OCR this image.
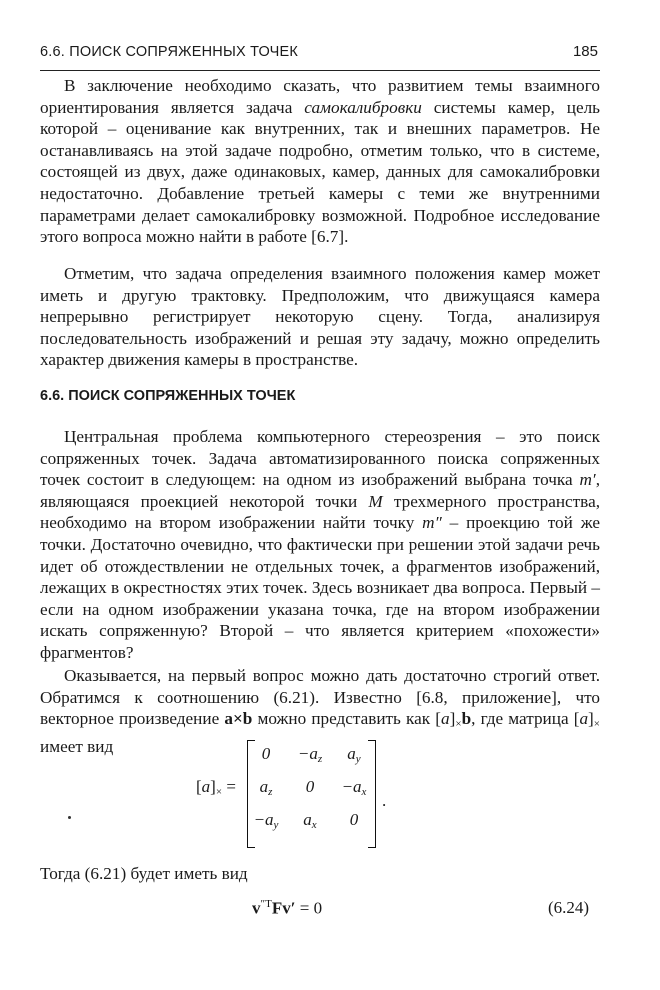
6.6. ПОИСК СОПРЯЖЕННЫХ ТОЧЕК	185

В заключение необходимо сказать, что развитием темы взаимного ориентирования является задача самокалибровки системы камер, цель которой – оценивание как внутренних, так и внешних параметров. Не останавливаясь на этой задаче подробно, отметим только, что в системе, состоящей из двух, даже одинаковых, камер, данных для самокалибровки недостаточно. Добавление третьей камеры с теми же внутренними параметрами делает самокалибровку возможной. Подробное исследование этого вопроса можно найти в работе [6.7].

Отметим, что задача определения взаимного положения камер может иметь и другую трактовку. Предположим, что движущаяся камера непрерывно регистрирует некоторую сцену. Тогда, анализируя последовательность изображений и решая эту задачу, можно определить характер движения камеры в пространстве.

6.6. ПОИСК СОПРЯЖЕННЫХ ТОЧЕК

Центральная проблема компьютерного стереозрения – это поиск сопряженных точек. Задача автоматизированного поиска сопряженных точек состоит в следующем: на одном из изображений выбрана точка m′, являющаяся проекцией некоторой точки M трехмерного пространства, необходимо на втором изображении найти точку m″ – проекцию той же точки. Достаточно очевидно, что фактически при решении этой задачи речь идет об отождествлении не отдельных точек, а фрагментов изображений, лежащих в окрестностях этих точек. Здесь возникает два вопроса. Первый – если на одном изображении указана точка, где на втором изображении искать сопряженную? Второй – что является критерием «похожести» фрагментов?

Оказывается, на первый вопрос можно дать достаточно строгий ответ. Обратимся к соотношению (6.21). Известно [6.8, приложение], что векторное произведение a×b можно представить как $[a]_\times b$, где матрица $[a]_\times$ имеет вид

$[a]_\times$ =
0	$-a_z$	$a_y$
$a_z$	0	$-a_x$
$-a_y$	$a_x$	0
.

Тогда (6.21) будет иметь вид

$v^{''T}Fv' = 0$	(6.24)
